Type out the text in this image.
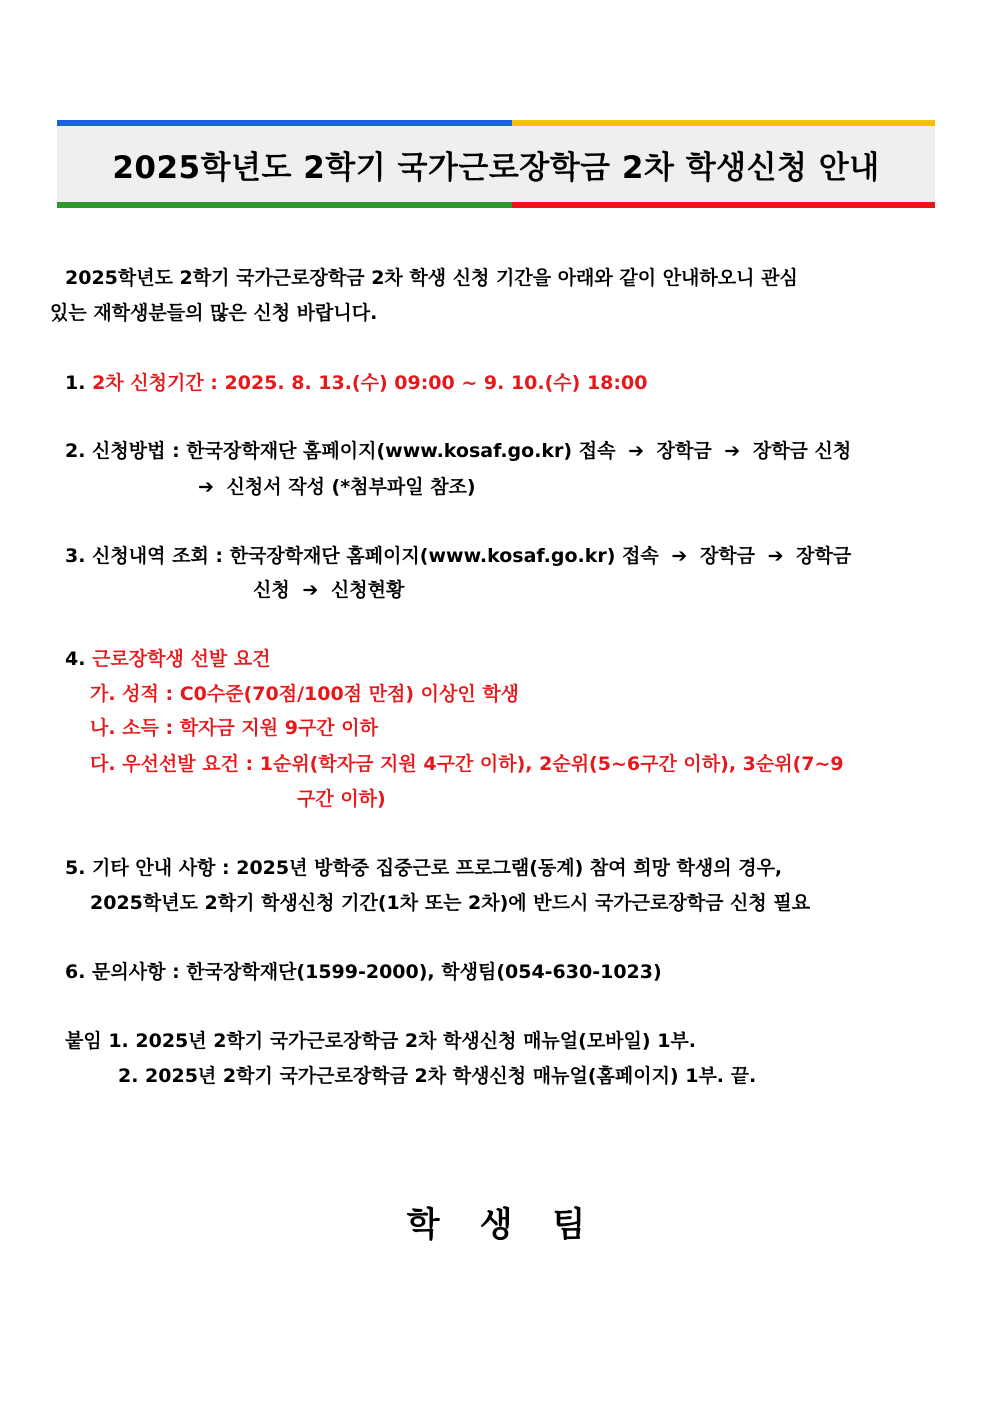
2025학년도 2학기 국가근로장학금 2차 학생신청 안내
2025학년도 2학기 국가근로장학금 2차 학생 신청 기간을 아래와 같이 안내하오니 관심
있는 재학생분들의 많은 신청 바랍니다.
1. 2차 신청기간 : 2025. 8. 13.(수) 09:00 ~ 9. 10.(수) 18:00
2. 신청방법 : 한국장학재단 홈페이지(www.kosaf.go.kr) 접속 ➔ 장학금 ➔ 장학금 신청
➔ 신청서 작성 (*첨부파일 참조)
3. 신청내역 조회 : 한국장학재단 홈페이지(www.kosaf.go.kr) 접속 ➔ 장학금 ➔ 장학금
신청 ➔ 신청현황
4. 근로장학생 선발 요건
가. 성적 : C0수준(70점/100점 만점) 이상인 학생
나. 소득 : 학자금 지원 9구간 이하
다. 우선선발 요건 : 1순위(학자금 지원 4구간 이하), 2순위(5~6구간 이하), 3순위(7~9
구간 이하)
5. 기타 안내 사항 : 2025년 방학중 집중근로 프로그램(동계) 참여 희망 학생의 경우,
2025학년도 2학기 학생신청 기간(1차 또는 2차)에 반드시 국가근로장학금 신청 필요
6. 문의사항 : 한국장학재단(1599-2000), 학생팀(054-630-1023)
붙임 1. 2025년 2학기 국가근로장학금 2차 학생신청 매뉴얼(모바일) 1부.
2. 2025년 2학기 국가근로장학금 2차 학생신청 매뉴얼(홈페이지) 1부. 끝.
학생팀
